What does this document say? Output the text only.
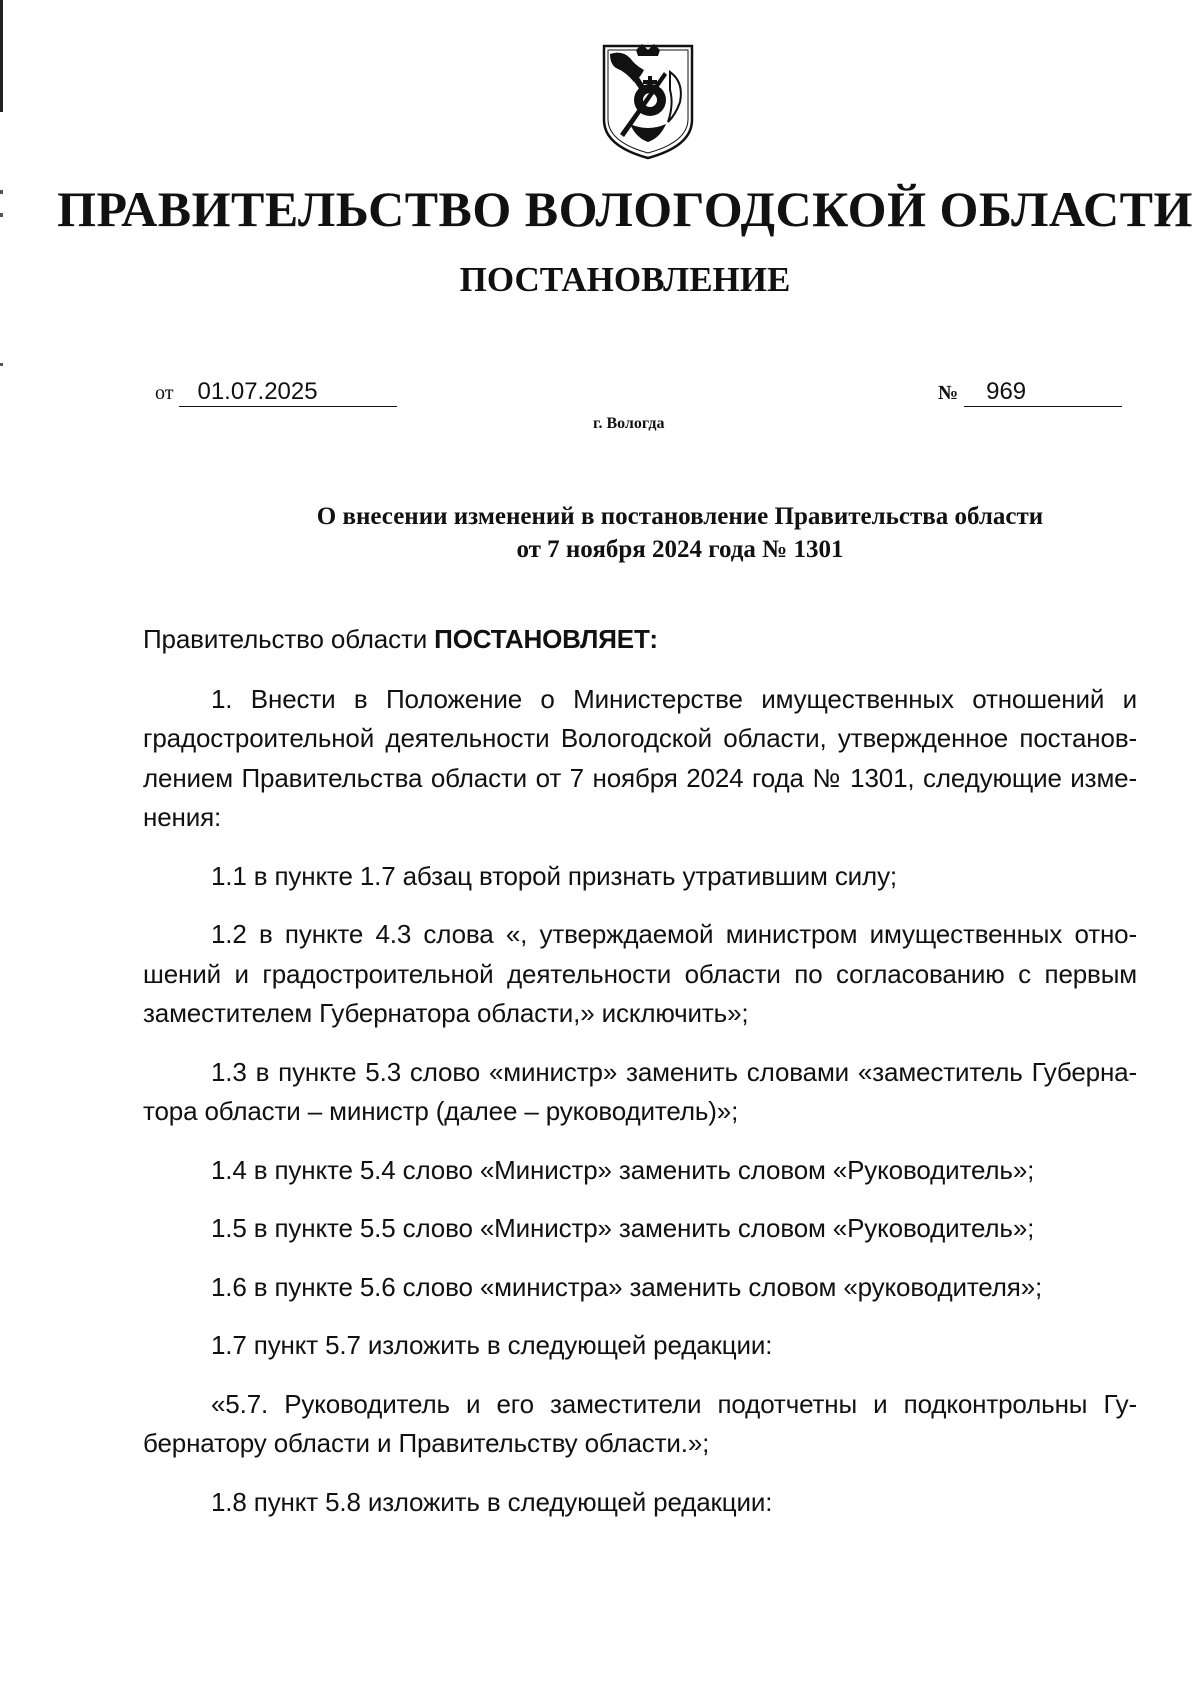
ПРАВИТЕЛЬСТВО ВОЛОГОДСКОЙ ОБЛАСТИ
ПОСТАНОВЛЕНИЕ
от 01.07.2025	№ 969
г. Вологда
О внесении изменений в постановление Правительства области
от 7 ноября 2024 года № 1301

Правительство области ПОСТАНОВЛЯЕТ:

1. Внести в Положение о Министерстве имущественных отношений и
градостроительной деятельности Вологодской области, утвержденное постанов-
лением Правительства области от 7 ноября 2024 года № 1301, следующие изме-
нения:
1.1 в пункте 1.7 абзац второй признать утратившим силу;
1.2 в пункте 4.3 слова «, утверждаемой министром имущественных отно-
шений и градостроительной деятельности области по согласованию с первым
заместителем Губернатора области,» исключить»;
1.3 в пункте 5.3 слово «министр» заменить словами «заместитель Губерна-
тора области – министр (далее – руководитель)»;
1.4 в пункте 5.4 слово «Министр» заменить словом «Руководитель»;
1.5 в пункте 5.5 слово «Министр» заменить словом «Руководитель»;
1.6 в пункте 5.6 слово «министра» заменить словом «руководителя»;
1.7 пункт 5.7 изложить в следующей редакции:
«5.7. Руководитель и его заместители подотчетны и подконтрольны Гу-
бернатору области и Правительству области.»;
1.8 пункт 5.8 изложить в следующей редакции:
